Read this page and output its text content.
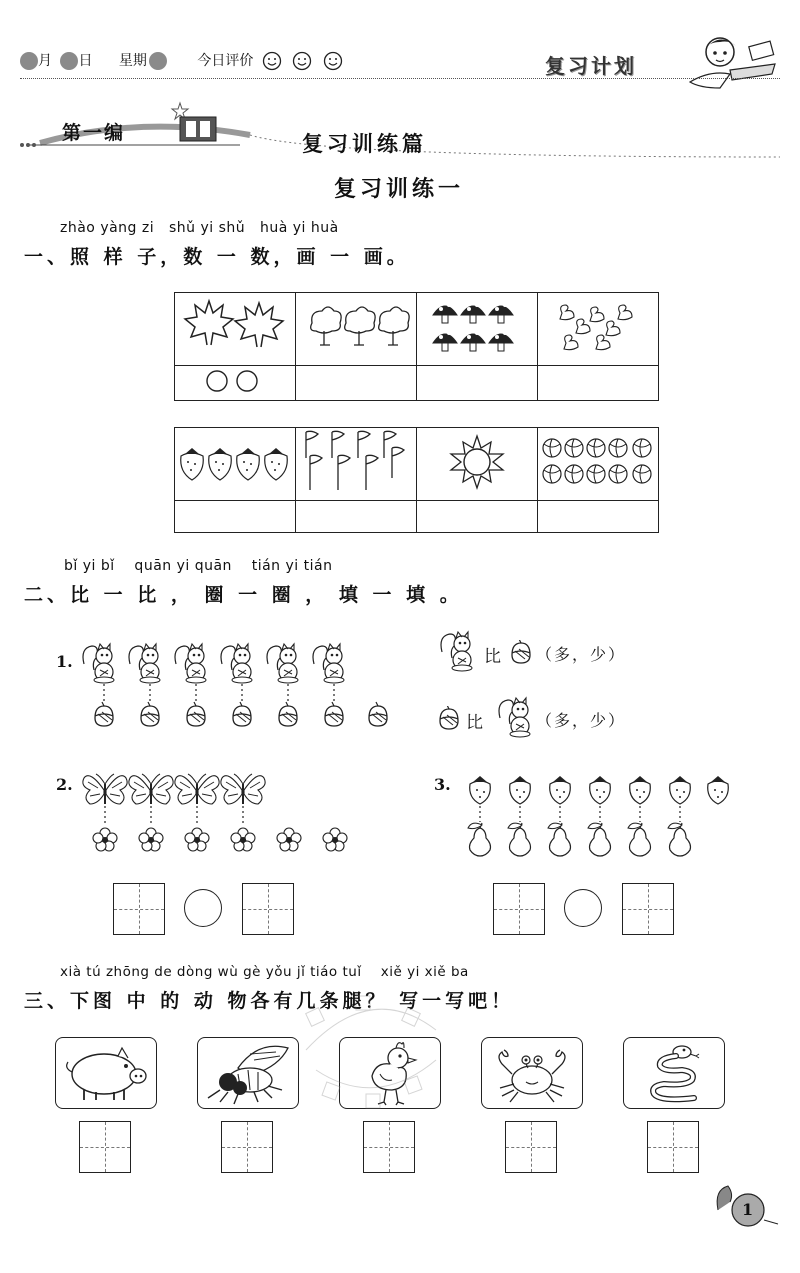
月 日 星期	今日评价	复习计划
第一编	复习训练篇
复习训练一
zhào yàng zi   shǔ yi shǔ   huà yi huà
一、照 样 子，数 一 数，画 一 画。

bǐ yi bǐ    quān yi quān    tián yi tián
二、比 一 比 ， 圈 一 圈 ， 填 一 填 。
1.	比 （多，少）
比	（多，少）
2.	3.
xià tú zhōng de dòng wù gè yǒu jǐ tiáo tuǐ    xiě yi xiě ba
三、下图 中 的 动 物各有几条腿？ 写一写吧！
1
